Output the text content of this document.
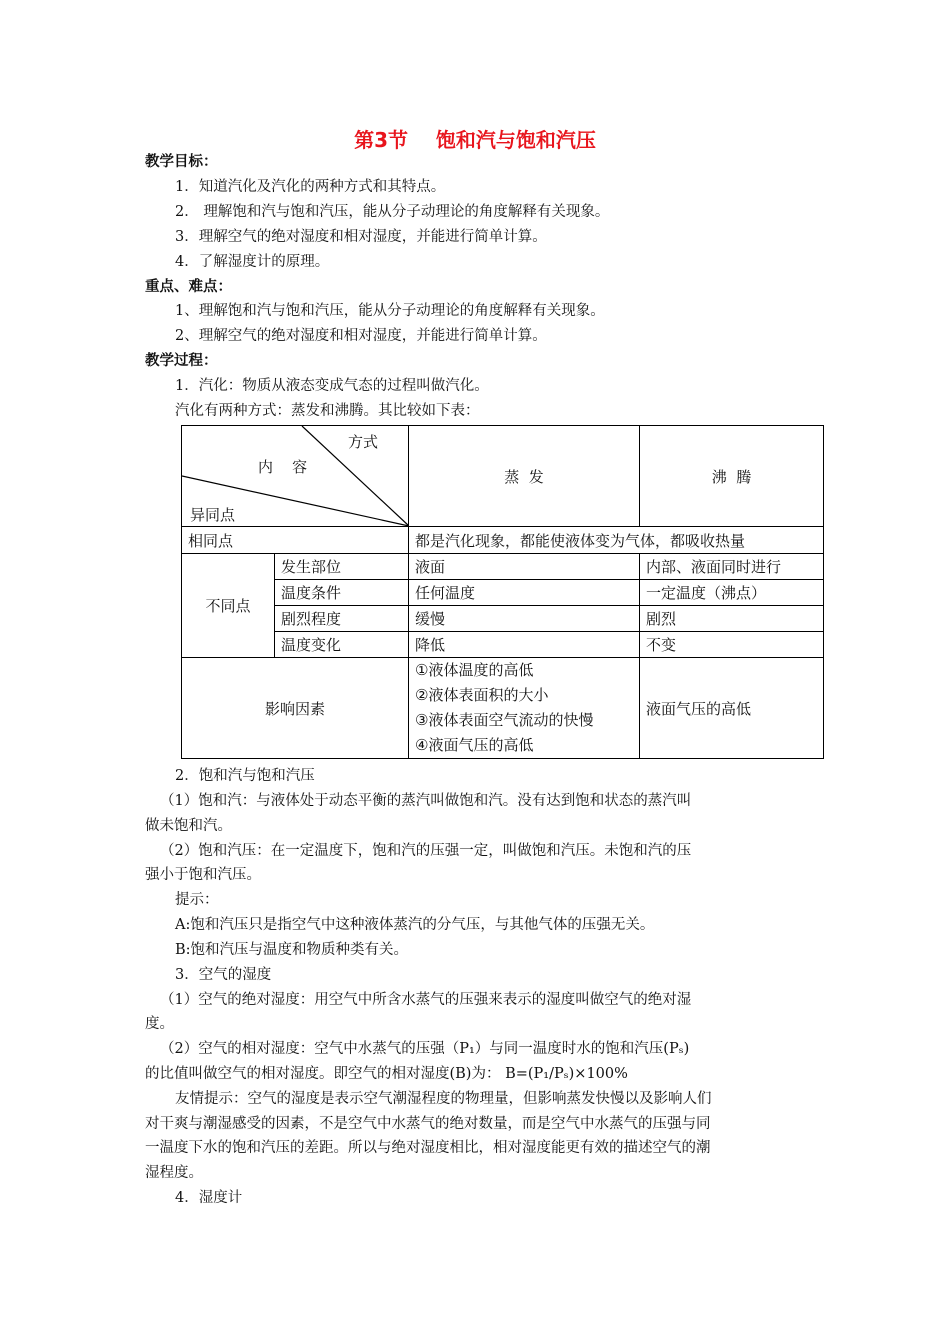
第3节    饱和汽与饱和汽压
教学目标：
1．知道汽化及汽化的两种方式和其特点。
2． 理解饱和汽与饱和汽压，能从分子动理论的角度解释有关现象。
3．理解空气的绝对湿度和相对湿度，并能进行简单计算。
4．了解湿度计的原理。
重点、难点：
1、理解饱和汽与饱和汽压，能从分子动理论的角度解释有关现象。
2、理解空气的绝对湿度和相对湿度，并能进行简单计算。
教学过程：
1．汽化：物质从液态变成气态的过程叫做汽化。
汽化有两种方式：蒸发和沸腾。其比较如下表：
方式
内    容
异同点		蒸  发	沸  腾
相同点		都是汽化现象，都能使液体变为气体，都吸收热量	
不同点	发生部位	液面	内部、液面同时进行
	温度条件	任何温度	一定温度（沸点）
	剧烈程度	缓慢	剧烈
	温度变化	降低	不变
影响因素		①液体温度的高低
②液体表面积的大小
③液体表面空气流动的快慢
④液面气压的高低	液面气压的高低
2．饱和汽与饱和汽压
（1）饱和汽：与液体处于动态平衡的蒸汽叫做饱和汽。没有达到饱和状态的蒸汽叫
做未饱和汽。
（2）饱和汽压：在一定温度下，饱和汽的压强一定，叫做饱和汽压。未饱和汽的压
强小于饱和汽压。
提示：
A:饱和汽压只是指空气中这种液体蒸汽的分气压，与其他气体的压强无关。
B:饱和汽压与温度和物质种类有关。
3．空气的湿度
（1）空气的绝对湿度：用空气中所含水蒸气的压强来表示的湿度叫做空气的绝对湿
度。
（2）空气的相对湿度：空气中水蒸气的压强（P₁）与同一温度时水的饱和汽压(Pₛ)
的比值叫做空气的相对湿度。即空气的相对湿度(B)为： B=(P₁/Pₛ)×100%
友情提示：空气的湿度是表示空气潮湿程度的物理量，但影响蒸发快慢以及影响人们
对干爽与潮湿感受的因素，不是空气中水蒸气的绝对数量，而是空气中水蒸气的压强与同
一温度下水的饱和汽压的差距。所以与绝对湿度相比，相对湿度能更有效的描述空气的潮
湿程度。
4．湿度计
